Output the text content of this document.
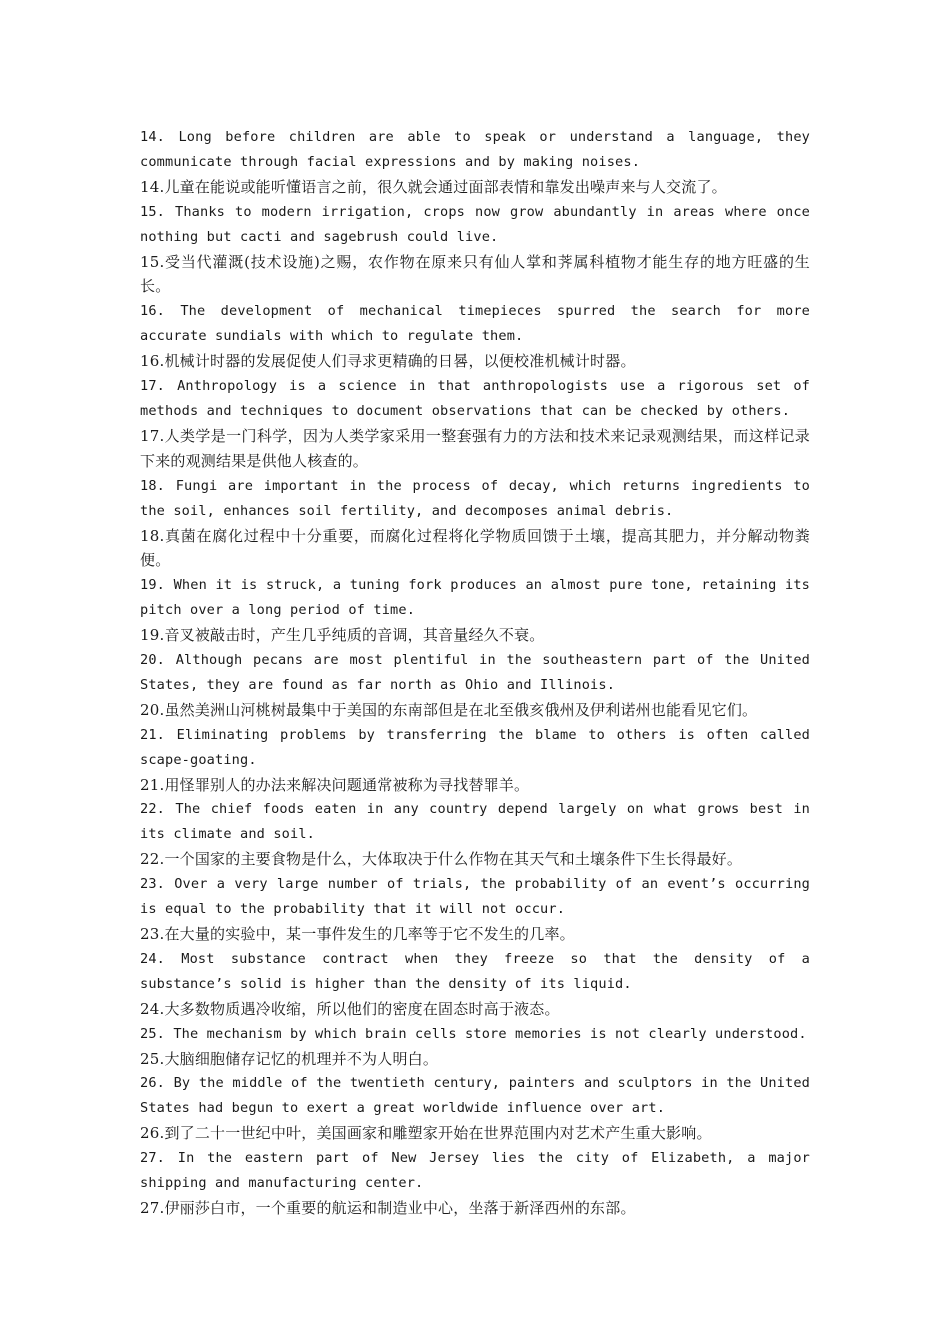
14. Long before children are able to speak or understand a language, they communicate through facial expressions and by making noises.

14.儿童在能说或能听懂语言之前，很久就会通过面部表情和靠发出噪声来与人交流了。

15. Thanks to modern irrigation, crops now grow abundantly in areas where once nothing but cacti and sagebrush could live.

15.受当代灌溉(技术设施)之赐，农作物在原来只有仙人掌和荠属科植物才能生存的地方旺盛的生长。

16. The development of mechanical timepieces spurred the search for more accurate sundials with which to regulate them.

16.机械计时器的发展促使人们寻求更精确的日晷，以便校准机械计时器。

17. Anthropology is a science in that anthropologists use a rigorous set of methods and techniques to document observations that can be checked by others.

17.人类学是一门科学，因为人类学家采用一整套强有力的方法和技术来记录观测结果，而这样记录下来的观测结果是供他人核查的。

18. Fungi are important in the process of decay, which returns ingredients to the soil, enhances soil fertility, and decomposes animal debris.

18.真菌在腐化过程中十分重要，而腐化过程将化学物质回馈于土壤，提高其肥力，并分解动物粪便。

19. When it is struck, a tuning fork produces an almost pure tone, retaining its pitch over a long period of time.

19.音叉被敲击时，产生几乎纯质的音调，其音量经久不衰。

20. Although pecans are most plentiful in the southeastern part of the United States, they are found as far north as Ohio and Illinois.

20.虽然美洲山河桃树最集中于美国的东南部但是在北至俄亥俄州及伊利诺州也能看见它们。

21. Eliminating problems by transferring the blame to others is often called scape-goating.

21.用怪罪别人的办法来解决问题通常被称为寻找替罪羊。

22. The chief foods eaten in any country depend largely on what grows best in its climate and soil.

22.一个国家的主要食物是什么，大体取决于什么作物在其天气和土壤条件下生长得最好。

23. Over a very large number of trials, the probability of an event’s occurring is equal to the probability that it will not occur.

23.在大量的实验中，某一事件发生的几率等于它不发生的几率。

24. Most substance contract when they freeze so that the density of a substance’s solid is higher than the density of its liquid.

24.大多数物质遇冷收缩，所以他们的密度在固态时高于液态。

25. The mechanism by which brain cells store memories is not clearly understood.

25.大脑细胞储存记忆的机理并不为人明白。

26. By the middle of the twentieth century, painters and sculptors in the United States had begun to exert a great worldwide influence over art.

26.到了二十一世纪中叶，美国画家和雕塑家开始在世界范围内对艺术产生重大影响。

27. In the eastern part of New Jersey lies the city of Elizabeth, a major shipping and manufacturing center.

27.伊丽莎白市，一个重要的航运和制造业中心，坐落于新泽西州的东部。
